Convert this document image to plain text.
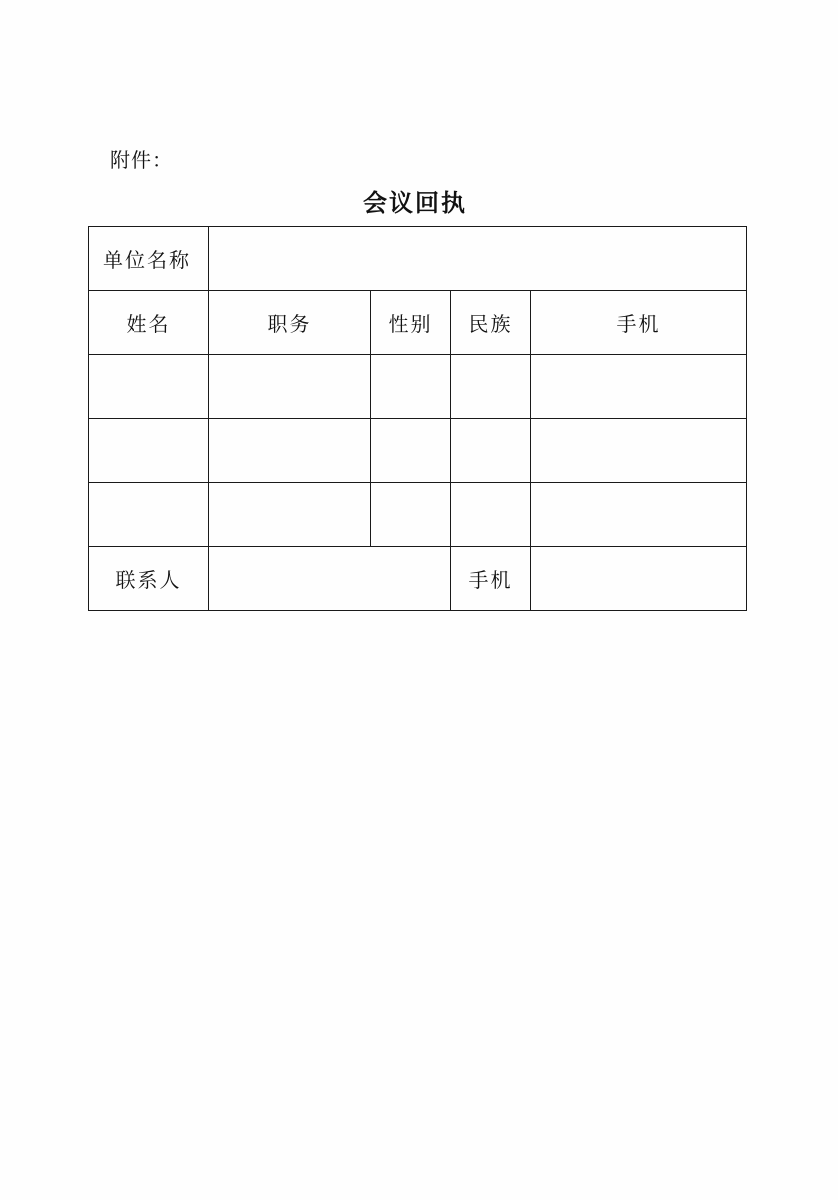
附件：
会议回执
单位名称				
姓名	职务	性别	民族	手机

联系人			手机	
